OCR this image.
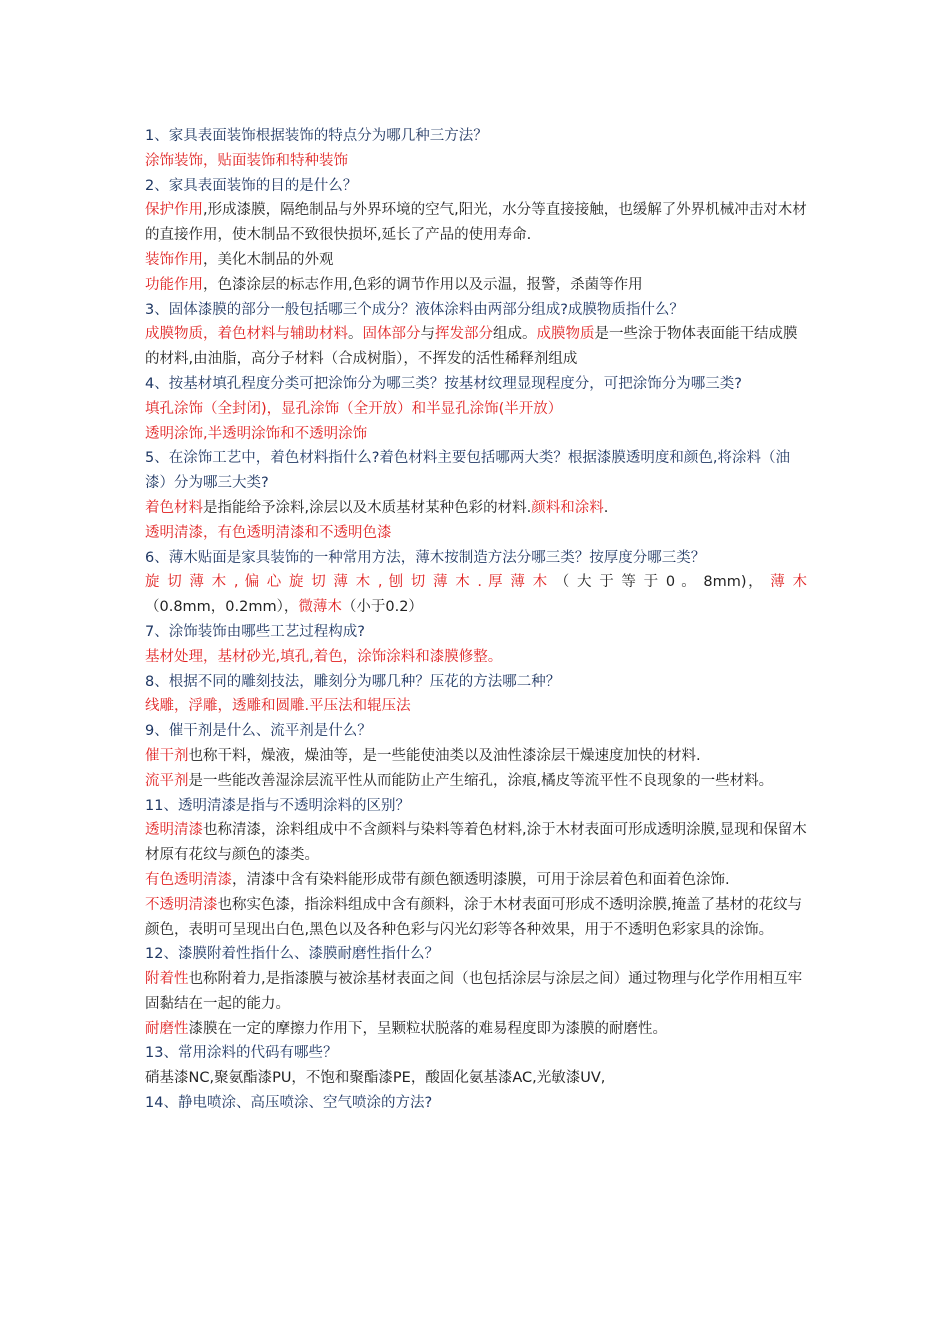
1、家具表面装饰根据装饰的特点分为哪几种三方法？
涂饰装饰，贴面装饰和特种装饰
2、家具表面装饰的目的是什么？
保护作用,形成漆膜，隔绝制品与外界环境的空气,阳光，水分等直接接触，也缓解了外界机械冲击对木材的直接作用，使木制品不致很快损坏,延长了产品的使用寿命.
装饰作用，美化木制品的外观
功能作用，色漆涂层的标志作用,色彩的调节作用以及示温，报警，杀菌等作用
3、固体漆膜的部分一般包括哪三个成分？液体涂料由两部分组成?成膜物质指什么？
成膜物质，着色材料与辅助材料。固体部分与挥发部分组成。成膜物质是一些涂于物体表面能干结成膜的材料,由油脂，高分子材料（合成树脂），不挥发的活性稀释剂组成
4、按基材填孔程度分类可把涂饰分为哪三类？按基材纹理显现程度分，可把涂饰分为哪三类?
填孔涂饰（全封闭)，显孔涂饰（全开放）和半显孔涂饰(半开放）
透明涂饰,半透明涂饰和不透明涂饰
5、在涂饰工艺中，着色材料指什么?着色材料主要包括哪两大类？根据漆膜透明度和颜色,将涂料（油漆）分为哪三大类?
着色材料是指能给予涂料,涂层以及木质基材某种色彩的材料.颜料和涂料.
透明清漆，有色透明清漆和不透明色漆
6、薄木贴面是家具装饰的一种常用方法，薄木按制造方法分哪三类？按厚度分哪三类？
旋 切 薄 木 , 偏 心 旋 切 薄 木 , 刨 切 薄 木 . 厚 薄 木 （ 大 于 等 于 0 。 8mm)， 薄 木
（0.8mm，0.2mm），微薄木（小于0.2）
7、涂饰装饰由哪些工艺过程构成?
基材处理，基材砂光,填孔,着色，涂饰涂料和漆膜修整。
8、根据不同的雕刻技法，雕刻分为哪几种？压花的方法哪二种？
线雕，浮雕，透雕和圆雕.平压法和辊压法
9、催干剂是什么、流平剂是什么？
催干剂也称干料，燥液，燥油等，是一些能使油类以及油性漆涂层干燥速度加快的材料.
流平剂是一些能改善湿涂层流平性从而能防止产生缩孔，涂痕,橘皮等流平性不良现象的一些材料。
11、透明清漆是指与不透明涂料的区别？
透明清漆也称清漆，涂料组成中不含颜料与染料等着色材料,涂于木材表面可形成透明涂膜,显现和保留木材原有花纹与颜色的漆类。
有色透明清漆，清漆中含有染料能形成带有颜色额透明漆膜，可用于涂层着色和面着色涂饰.
不透明清漆也称实色漆，指涂料组成中含有颜料，涂于木材表面可形成不透明涂膜,掩盖了基材的花纹与颜色，表明可呈现出白色,黑色以及各种色彩与闪光幻彩等各种效果，用于不透明色彩家具的涂饰。
12、漆膜附着性指什么、漆膜耐磨性指什么？
附着性也称附着力,是指漆膜与被涂基材表面之间（也包括涂层与涂层之间）通过物理与化学作用相互牢固黏结在一起的能力。
耐磨性漆膜在一定的摩擦力作用下，呈颗粒状脱落的难易程度即为漆膜的耐磨性。
13、常用涂料的代码有哪些？
硝基漆NC,聚氨酯漆PU，不饱和聚酯漆PE，酸固化氨基漆AC,光敏漆UV,
14、静电喷涂、高压喷涂、空气喷涂的方法?
